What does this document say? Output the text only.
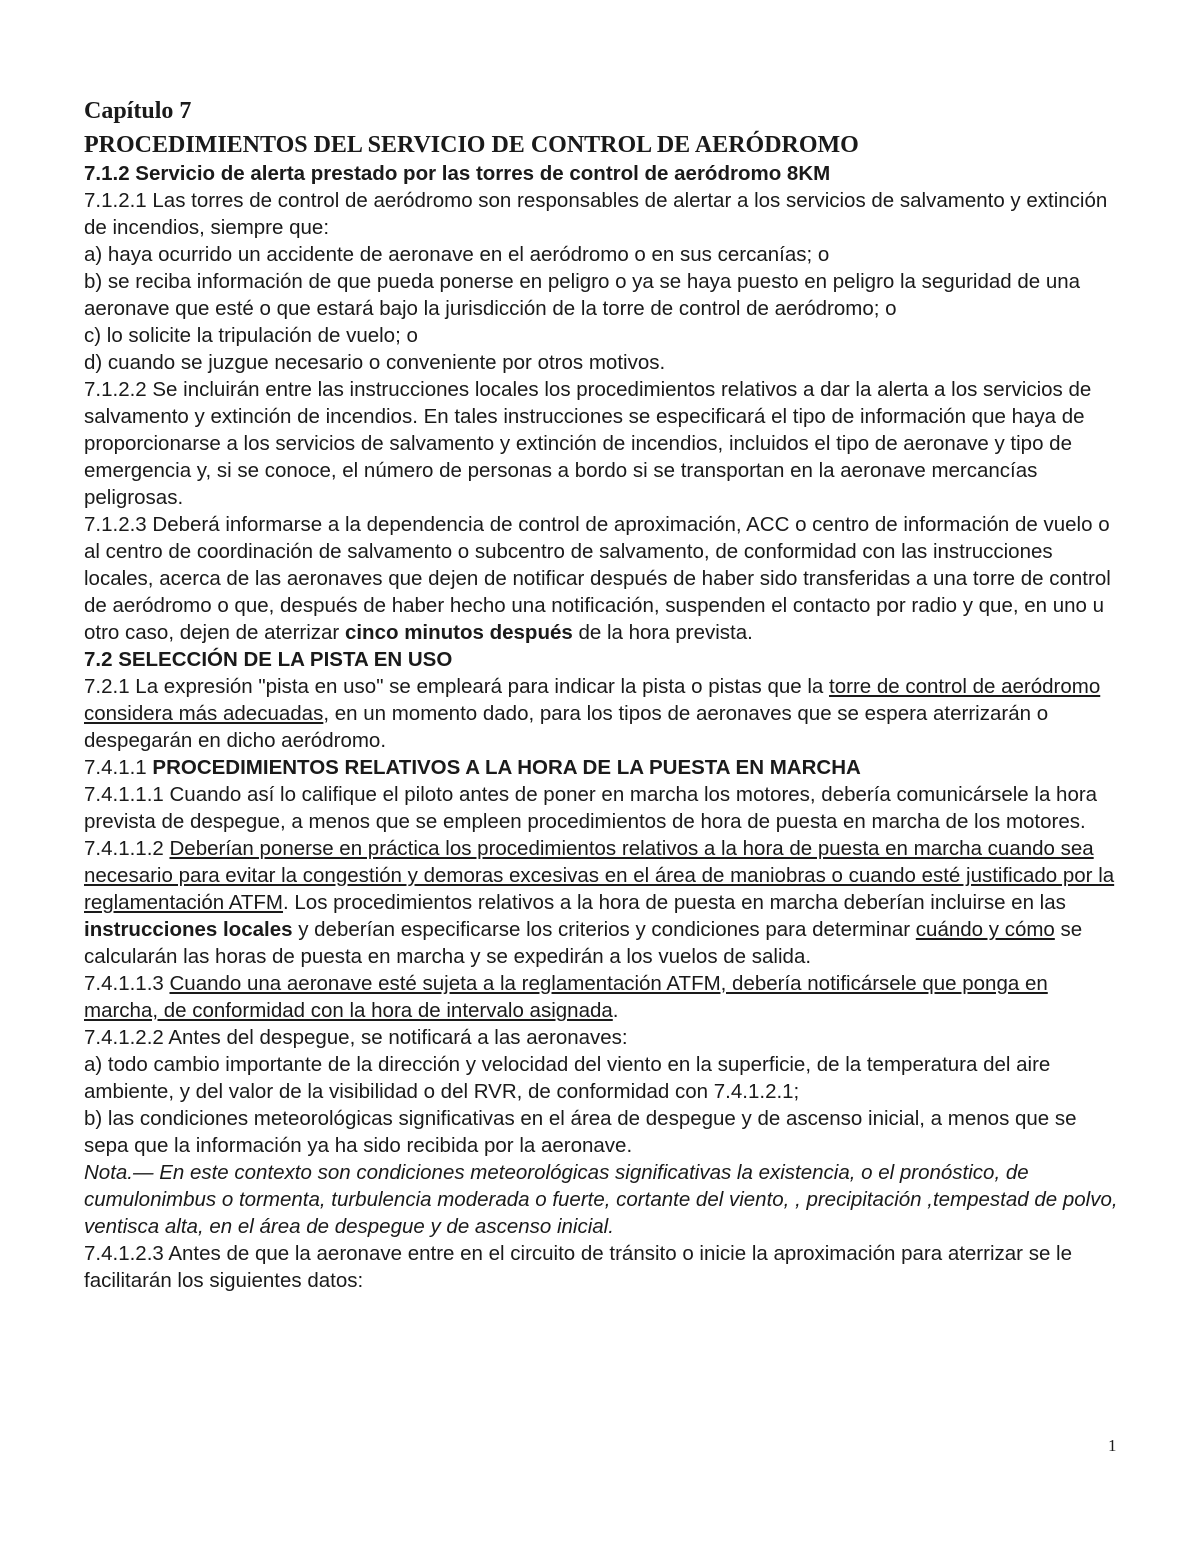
Capítulo 7

PROCEDIMIENTOS DEL SERVICIO DE CONTROL DE AERÓDROMO

7.1.2 Servicio de alerta prestado por las torres de control de aeródromo 8KM

7.1.2.1 Las torres de control de aeródromo son responsables de alertar a los servicios de salvamento y extinción de incendios, siempre que:

a) haya ocurrido un accidente de aeronave en el aeródromo o en sus cercanías; o

b) se reciba información de que pueda ponerse en peligro o ya se haya puesto en peligro la seguridad de una aeronave que esté o que estará bajo la jurisdicción de la torre de control de aeródromo; o

c) lo solicite la tripulación de vuelo; o

d) cuando se juzgue necesario o conveniente por otros motivos.

7.1.2.2 Se incluirán entre las instrucciones locales los procedimientos relativos a dar la alerta a los servicios de salvamento y extinción de incendios. En tales instrucciones se especificará el tipo de información que haya de proporcionarse a los servicios de salvamento y extinción de incendios, incluidos el tipo de aeronave y tipo de emergencia y, si se conoce, el número de personas a bordo si se transportan en la aeronave mercancías peligrosas.

7.1.2.3 Deberá informarse a la dependencia de control de aproximación, ACC o centro de información de vuelo o al centro de coordinación de salvamento o subcentro de salvamento, de conformidad con las instrucciones locales, acerca de las aeronaves que dejen de notificar después de haber sido transferidas a una torre de control de aeródromo o que, después de haber hecho una notificación, suspenden el contacto por radio y que, en uno u otro caso, dejen de aterrizar cinco minutos después de la hora prevista.

7.2 SELECCIÓN DE LA PISTA EN USO

7.2.1 La expresión "pista en uso" se empleará para indicar la pista o pistas que la torre de control de aeródromo considera más adecuadas, en un momento dado, para los tipos de aeronaves que se espera aterrizarán o despegarán en dicho aeródromo.

7.4.1.1 PROCEDIMIENTOS RELATIVOS A LA HORA DE LA PUESTA EN MARCHA

7.4.1.1.1 Cuando así lo califique el piloto antes de poner en marcha los motores, debería comunicársele la hora prevista de despegue, a menos que se empleen procedimientos de hora de puesta en marcha de los motores.

7.4.1.1.2 Deberían ponerse en práctica los procedimientos relativos a la hora de puesta en marcha cuando sea necesario para evitar la congestión y demoras excesivas en el área de maniobras o cuando esté justificado por la reglamentación ATFM. Los procedimientos relativos a la hora de puesta en marcha deberían incluirse en las instrucciones locales y deberían especificarse los criterios y condiciones para determinar cuándo y cómo se calcularán las horas de puesta en marcha y se expedirán a los vuelos de salida.

7.4.1.1.3 Cuando una aeronave esté sujeta a la reglamentación ATFM, debería notificársele que ponga en marcha, de conformidad con la hora de intervalo asignada.

7.4.1.2.2 Antes del despegue, se notificará a las aeronaves:

a) todo cambio importante de la dirección y velocidad del viento en la superficie, de la temperatura del aire ambiente, y del valor de la visibilidad o del RVR, de conformidad con 7.4.1.2.1;

b) las condiciones meteorológicas significativas en el área de despegue y de ascenso inicial, a menos que se sepa que la información ya ha sido recibida por la aeronave.

Nota.— En este contexto son condiciones meteorológicas significativas la existencia, o el pronóstico, de cumulonimbus o tormenta, turbulencia moderada o fuerte, cortante del viento, , precipitación ,tempestad de polvo, ventisca alta, en el área de despegue y de ascenso inicial.

7.4.1.2.3 Antes de que la aeronave entre en el circuito de tránsito o inicie la aproximación para aterrizar se le facilitarán los siguientes datos:

1
